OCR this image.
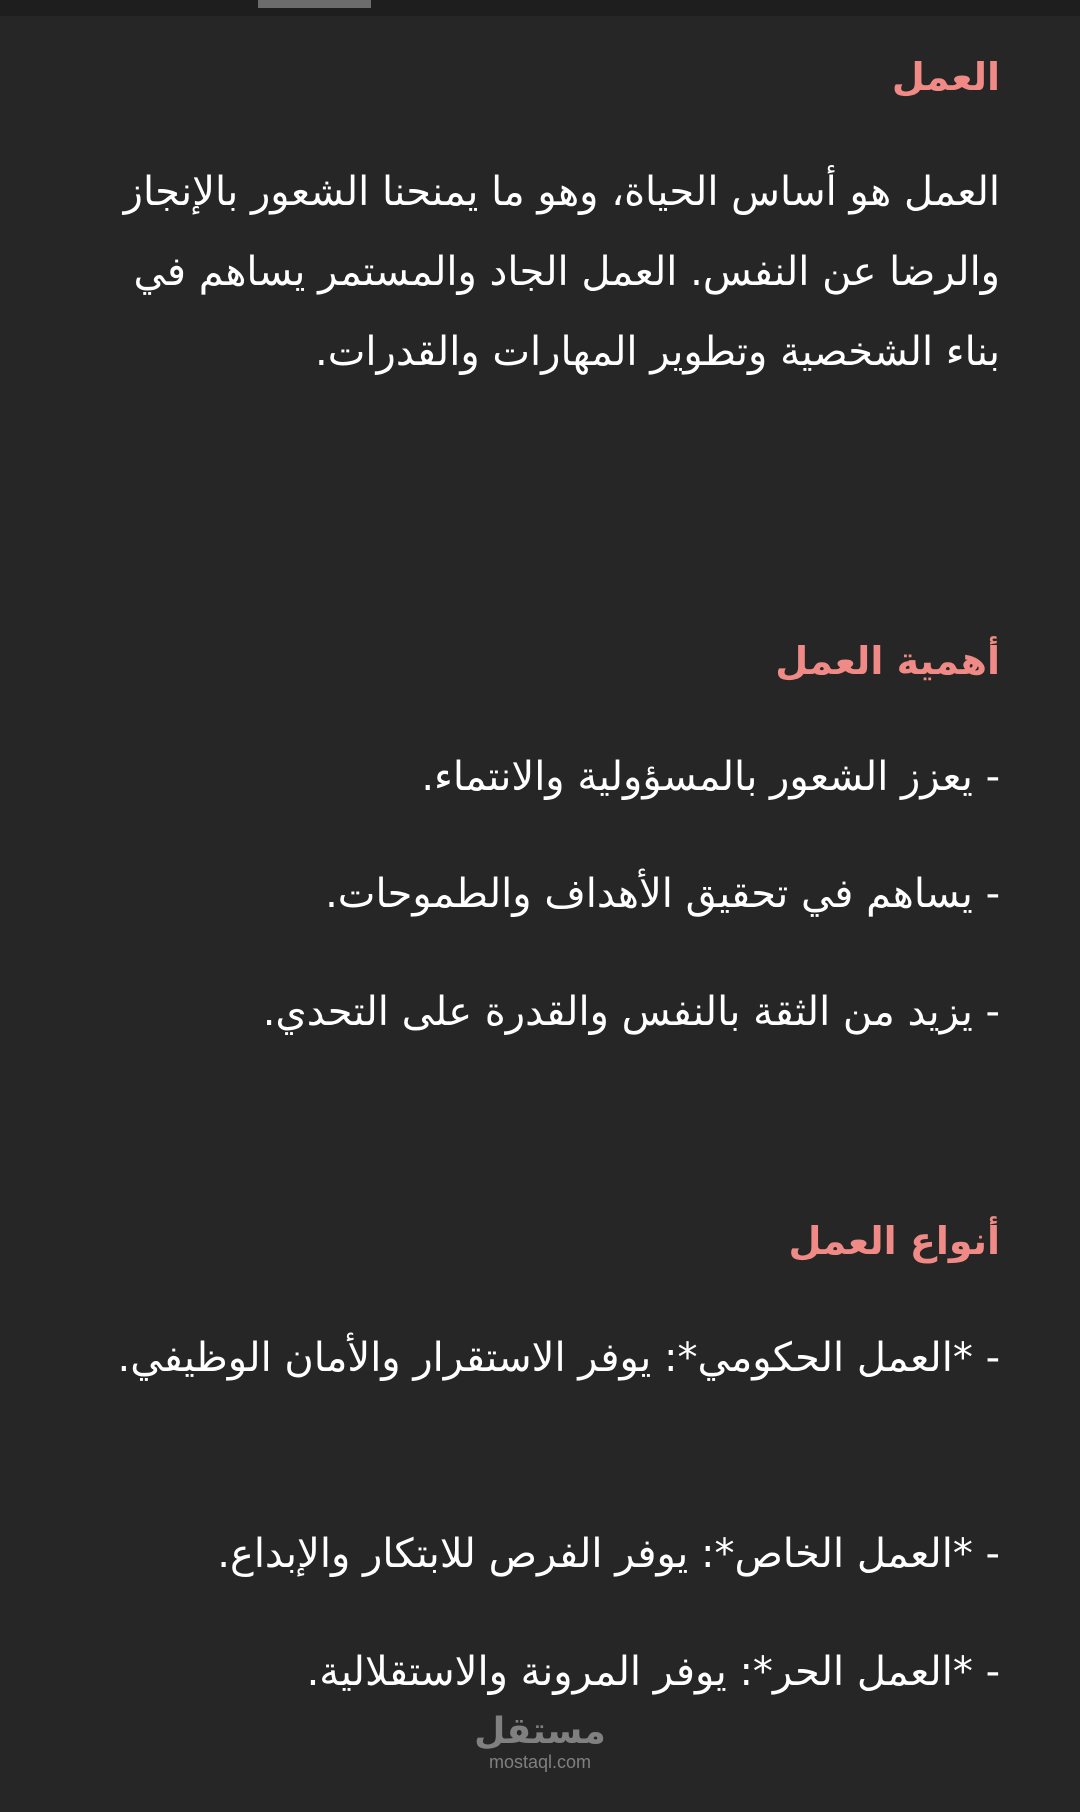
العمل

العمل هو أساس الحياة، وهو ما يمنحنا الشعور بالإنجاز والرضا عن النفس. العمل الجاد والمستمر يساهم في بناء الشخصية وتطوير المهارات والقدرات.

أهمية العمل

- يعزز الشعور بالمسؤولية والانتماء.

- يساهم في تحقيق الأهداف والطموحات.

- يزيد من الثقة بالنفس والقدرة على التحدي.

أنواع العمل

- *العمل الحكومي*: يوفر الاستقرار والأمان الوظيفي.

- *العمل الخاص*: يوفر الفرص للابتكار والإبداع.

- *العمل الحر*: يوفر المرونة والاستقلالية.

مستقل
mostaql.com
